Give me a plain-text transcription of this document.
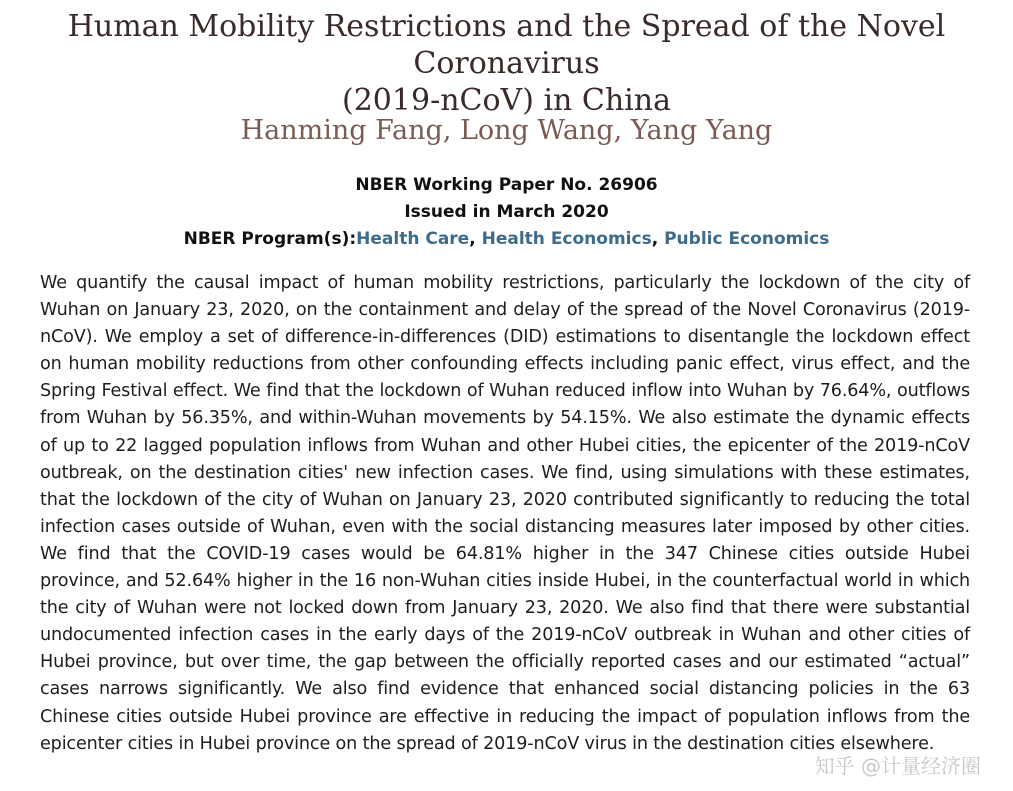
Human Mobility Restrictions and the Spread of the Novel Coronavirus
(2019-nCoV) in China
Hanming Fang, Long Wang, Yang Yang
NBER Working Paper No. 26906
Issued in March 2020
NBER Program(s):Health Care, Health Economics, Public Economics

We quantify the causal impact of human mobility restrictions, particularly the lockdown of the city of Wuhan on January 23, 2020, on the containment and delay of the spread of the Novel Coronavirus (2019-nCoV). We employ a set of difference-in-differences (DID) estimations to disentangle the lockdown effect on human mobility reductions from other confounding effects including panic effect, virus effect, and the Spring Festival effect. We find that the lockdown of Wuhan reduced inflow into Wuhan by 76.64%, outflows from Wuhan by 56.35%, and within-Wuhan movements by 54.15%. We also estimate the dynamic effects of up to 22 lagged population inflows from Wuhan and other Hubei cities, the epicenter of the 2019-nCoV outbreak, on the destination cities' new infection cases. We find, using simulations with these estimates, that the lockdown of the city of Wuhan on January 23, 2020 contributed significantly to reducing the total infection cases outside of Wuhan, even with the social distancing measures later imposed by other cities. We find that the COVID-19 cases would be 64.81% higher in the 347 Chinese cities outside Hubei province, and 52.64% higher in the 16 non-Wuhan cities inside Hubei, in the counterfactual world in which the city of Wuhan were not locked down from January 23, 2020. We also find that there were substantial undocumented infection cases in the early days of the 2019-nCoV outbreak in Wuhan and other cities of Hubei province, but over time, the gap between the officially reported cases and our estimated “actual” cases narrows significantly. We also find evidence that enhanced social distancing policies in the 63 Chinese cities outside Hubei province are effective in reducing the impact of population inflows from the epicenter cities in Hubei province on the spread of 2019-nCoV virus in the destination cities elsewhere.

知乎 @计量经济圈
